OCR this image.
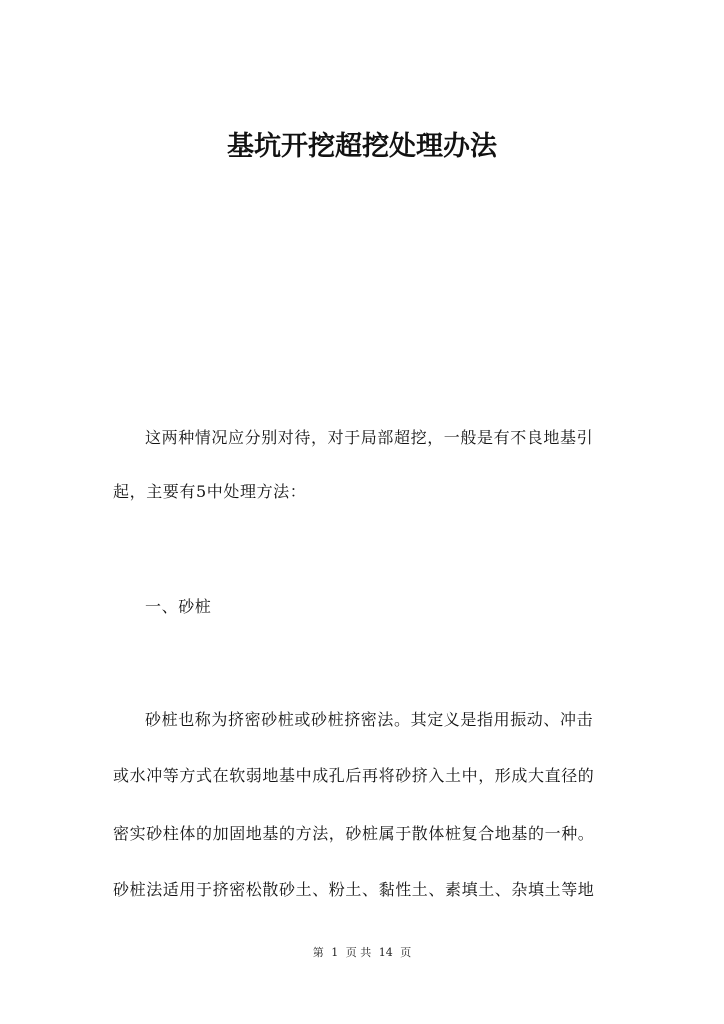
基坑开挖超挖处理办法

这两种情况应分别对待，对于局部超挖，一般是有不良地基引

起，主要有5中处理方法：

一、砂桩

砂桩也称为挤密砂桩或砂桩挤密法。其定义是指用振动、冲击

或水冲等方式在软弱地基中成孔后再将砂挤入土中，形成大直径的

密实砂柱体的加固地基的方法，砂桩属于散体桩复合地基的一种。

砂桩法适用于挤密松散砂土、粉土、黏性土、素填土、杂填土等地

第 1 页 共 14 页
